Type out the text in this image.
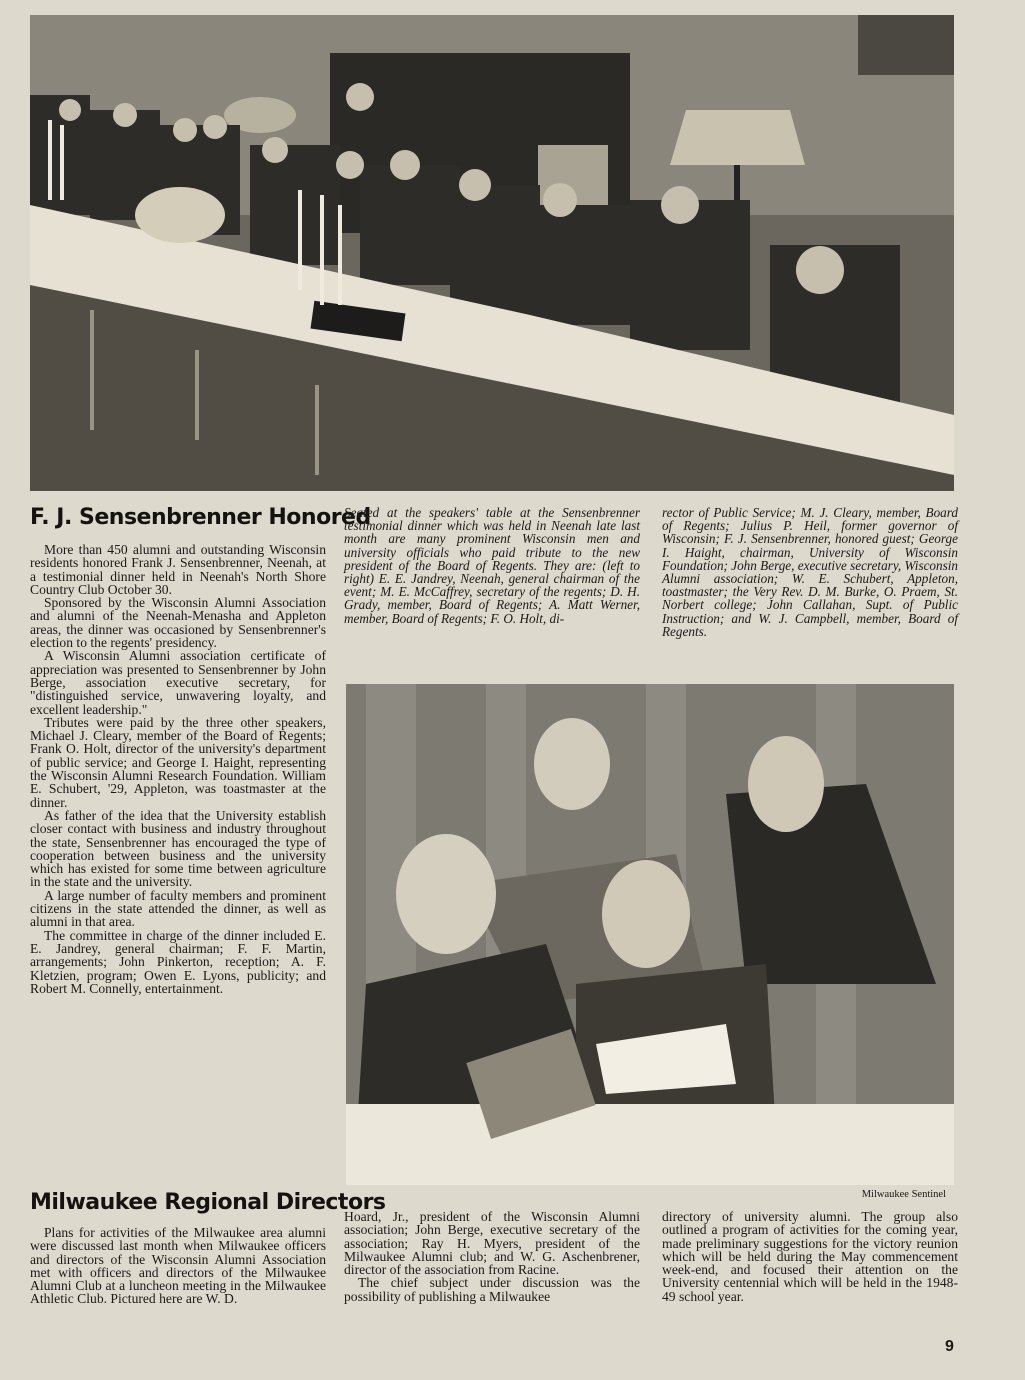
F. J. Sensenbrenner Honored

More than 450 alumni and outstanding Wisconsin residents honored Frank J. Sensenbrenner, Neenah, at a testimonial dinner held in Neenah's North Shore Country Club October 30.

Sponsored by the Wisconsin Alumni Association and alumni of the Neenah-Menasha and Appleton areas, the dinner was occasioned by Sensenbrenner's election to the regents' presidency.

A Wisconsin Alumni association certificate of appreciation was presented to Sensenbrenner by John Berge, association executive secretary, for "distinguished service, unwavering loyalty, and excellent leadership."

Tributes were paid by the three other speakers, Michael J. Cleary, member of the Board of Regents; Frank O. Holt, director of the university's department of public service; and George I. Haight, representing the Wisconsin Alumni Research Foundation. William E. Schubert, '29, Appleton, was toastmaster at the dinner.

As father of the idea that the University establish closer contact with business and industry throughout the state, Sensenbrenner has encouraged the type of cooperation between business and the university which has existed for some time between agriculture in the state and the university.

A large number of faculty members and prominent citizens in the state attended the dinner, as well as alumni in that area.

The committee in charge of the dinner included E. E. Jandrey, general chairman; F. F. Martin, arrangements; John Pinkerton, reception; A. F. Kletzien, program; Owen E. Lyons, publicity; and Robert M. Connelly, entertainment.

Seated at the speakers' table at the Sensenbrenner testimonial dinner which was held in Neenah late last month are many prominent Wisconsin men and university officials who paid tribute to the new president of the Board of Regents. They are: (left to right) E. E. Jandrey, Neenah, general chairman of the event; M. E. McCaffrey, secretary of the regents; D. H. Grady, member, Board of Regents; A. Matt Werner, member, Board of Regents; F. O. Holt, di-
rector of Public Service; M. J. Cleary, member, Board of Regents; Julius P. Heil, former governor of Wisconsin; F. J. Sensenbrenner, honored guest; George I. Haight, chairman, University of Wisconsin Foundation; John Berge, executive secretary, Wisconsin Alumni association; W. E. Schubert, Appleton, toastmaster; the Very Rev. D. M. Burke, O. Praem, St. Norbert college; John Callahan, Supt. of Public Instruction; and W. J. Campbell, member, Board of Regents.
Milwaukee Sentinel
Milwaukee Regional Directors
Plans for activities of the Milwaukee area alumni were discussed last month when Milwaukee officers and directors of the Wisconsin Alumni Association met with officers and directors of the Milwaukee Alumni Club at a luncheon meeting in the Milwaukee Athletic Club. Pictured here are W. D.
Hoard, Jr., president of the Wisconsin Alumni association; John Berge, executive secretary of the association; Ray H. Myers, president of the Milwaukee Alumni club; and W. G. Aschenbrener, director of the association from Racine.
The chief subject under discussion was the possibility of publishing a Milwaukee
directory of university alumni. The group also outlined a program of activities for the coming year, made preliminary suggestions for the victory reunion which will be held during the May commencement week-end, and focused their attention on the University centennial which will be held in the 1948-49 school year.
9
